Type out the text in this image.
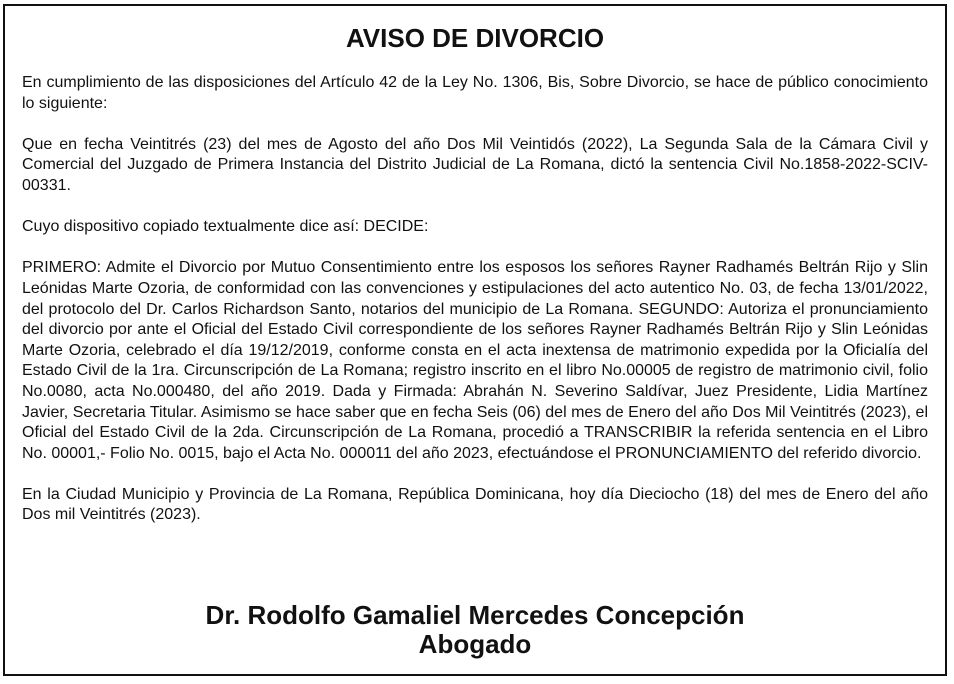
AVISO DE DIVORCIO

En cumplimiento de las disposiciones del Artículo 42 de la Ley No. 1306, Bis, Sobre Divorcio, se hace de público conocimiento lo siguiente:

Que en fecha Veintitrés (23) del mes de Agosto del año Dos Mil Veintidós (2022), La Segunda Sala de la Cámara Civil y Comercial del Juzgado de Primera Instancia del Distrito Judicial de La Romana, dictó la sentencia Civil No.1858-2022-SCIV-00331.

Cuyo dispositivo copiado textualmente dice así: DECIDE:

PRIMERO: Admite el Divorcio por Mutuo Consentimiento entre los esposos los señores Rayner Radhamés Beltrán Rijo y Slin Leónidas Marte Ozoria, de conformidad con las convenciones y estipulaciones del acto autentico No. 03, de fecha 13/01/2022, del protocolo del Dr. Carlos Richardson Santo, notarios del municipio de La Romana. SEGUNDO: Autoriza el pronunciamiento del divorcio por ante el Oficial del Estado Civil correspondiente de los señores Rayner Radhamés Beltrán Rijo y Slin Leónidas Marte Ozoria, celebrado el día 19/12/2019, conforme consta en el acta inextensa de matrimonio expedida por la Oficialía del Estado Civil de la 1ra. Circunscripción de La Romana; registro inscrito en el libro No.00005 de registro de matrimonio civil, folio No.0080, acta No.000480, del año 2019. Dada y Firmada: Abrahán N. Severino Saldívar, Juez Presidente, Lidia Martínez Javier, Secretaria Titular. Asimismo se hace saber que en fecha Seis (06) del mes de Enero del año Dos Mil Veintitrés (2023), el Oficial del Estado Civil de la 2da. Circunscripción de La Romana, procedió a TRANSCRIBIR la referida sentencia en el Libro No. 00001,- Folio No. 0015, bajo el Acta No. 000011 del año 2023, efectuándose el PRONUNCIAMIENTO del referido divorcio.

En la Ciudad Municipio y Provincia de La Romana, República Dominicana, hoy día Dieciocho (18) del mes de Enero del año Dos mil Veintitrés (2023).

Dr. Rodolfo Gamaliel Mercedes Concepción
Abogado
